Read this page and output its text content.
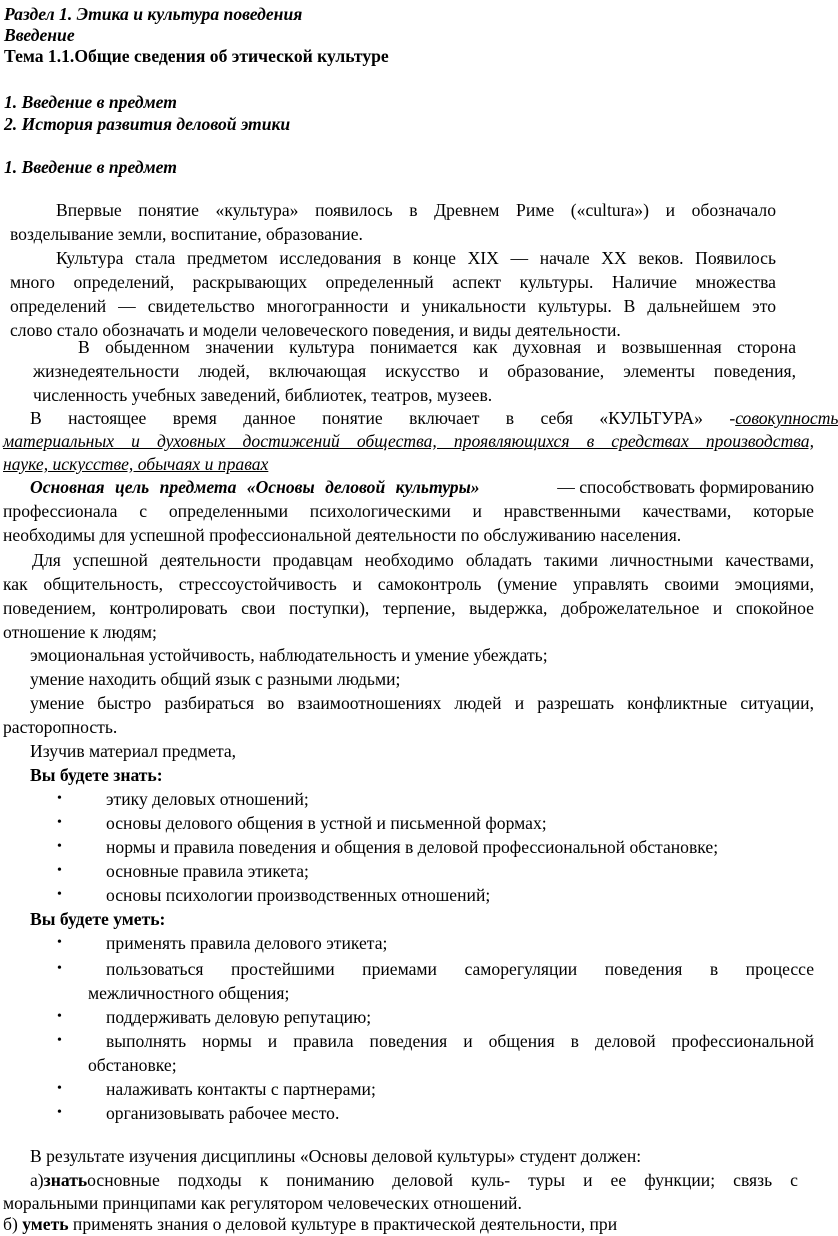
Раздел 1. Этика и культура поведения

Введение

Тема 1.1.Общие сведения об этической культуре

1. Введение в предмет

2. История развития деловой этики

1. Введение в предмет

Впервые понятие «культура» появилось в Древнем Риме («cultura») и обозначало

возделывание земли, воспитание, образование.

Культура стала предметом исследования в конце XIX — начале XX веков. Появилось

много определений, раскрывающих определенный аспект культуры. Наличие множества

определений — свидетельство многогранности и уникальности культуры. В дальнейшем это

слово стало обозначать и модели человеческого поведения, и виды деятельности.

В обыденном значении культура понимается как духовная и возвышенная сторона

жизнедеятельности людей, включающая искусство и образование, элементы поведения,

численность учебных заведений, библиотек, театров, музеев.

В настоящее время данное понятие включает в себя «КУЛЬТУРА» - совокупность

материальных и духовных достижений общества, проявляющихся в средствах производства,

науке, искусстве, обычаях и правах

Основная цель предмета «Основы деловой культуры»	— способствовать формированию

профессионала с определенными психологическими и нравственными качествами, которые

необходимы для успешной профессиональной деятельности по обслуживанию населения.

Для успешной деятельности продавцам необходимо обладать такими личностными качествами,

как общительность, стрессоустойчивость и самоконтроль (умение управлять своими эмоциями,

поведением, контролировать свои поступки), терпение, выдержка, доброжелательное и спокойное

отношение к людям;

эмоциональная устойчивость, наблюдательность и умение убеждать;

умение находить общий язык с разными людьми;

умение быстро разбираться во взаимоотношениях людей и разрешать конфликтные ситуации,

расторопность.

Изучив материал предмета,

Вы будете знать:

•	этику деловых отношений;

•	основы делового общения в устной и письменной формах;

•	нормы и правила поведения и общения в деловой профессиональной обстановке;

•	основные правила этикета;

•	основы психологии производственных отношений;

Вы будете уметь:

•	применять правила делового этикета;

•	пользоваться простейшими приемами саморегуляции поведения в процессе

межличностного общения;

•	поддерживать деловую репутацию;

•	выполнять нормы и правила поведения и общения в деловой профессиональной

обстановке;

•	налаживать контакты с партнерами;

•	организовывать рабочее место.

В результате изучения дисциплины «Основы деловой культуры» студент должен:

а) знать основные подходы к пониманию деловой куль- туры и ее функции; связь с

моральными принципами как регулятором человеческих отношений.

б) уметь применять знания о деловой культуре в практической деятельности, при
